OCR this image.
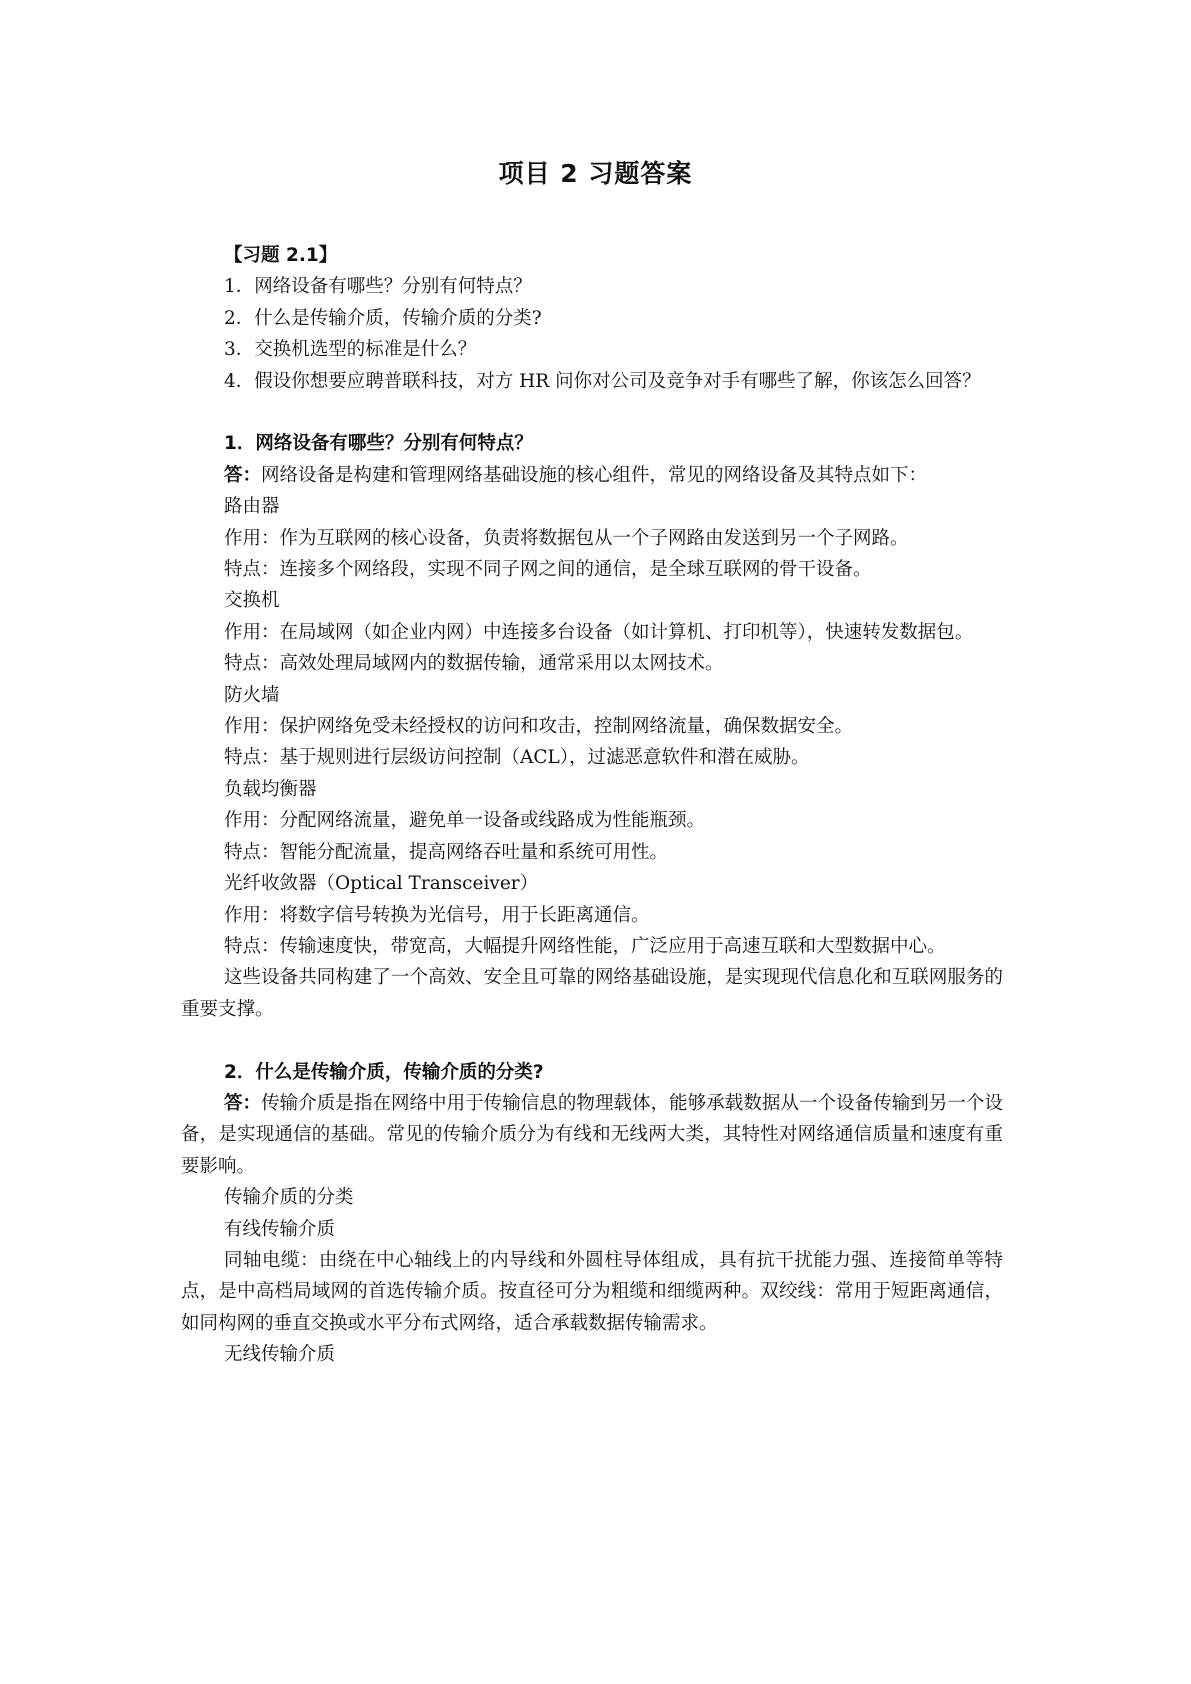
项目 2 习题答案

【习题 2.1】

1．网络设备有哪些？分别有何特点？

2．什么是传输介质，传输介质的分类?

3．交换机选型的标准是什么？

4．假设你想要应聘普联科技，对方 HR 问你对公司及竞争对手有哪些了解，你该怎么回答？

1．网络设备有哪些？分别有何特点？

答：网络设备是构建和管理网络基础设施的核心组件，常见的网络设备及其特点如下：

路由器

作用：作为互联网的核心设备，负责将数据包从一个子网路由发送到另一个子网路。

特点：连接多个网络段，实现不同子网之间的通信，是全球互联网的骨干设备。

交换机

作用：在局域网（如企业内网）中连接多台设备（如计算机、打印机等），快速转发数据包。

特点：高效处理局域网内的数据传输，通常采用以太网技术。

防火墙

作用：保护网络免受未经授权的访问和攻击，控制网络流量，确保数据安全。

特点：基于规则进行层级访问控制（ACL），过滤恶意软件和潜在威胁。

负载均衡器

作用：分配网络流量，避免单一设备或线路成为性能瓶颈。

特点：智能分配流量，提高网络吞吐量和系统可用性。

光纤收敛器（Optical Transceiver）

作用：将数字信号转换为光信号，用于长距离通信。

特点：传输速度快，带宽高，大幅提升网络性能，广泛应用于高速互联和大型数据中心。

这些设备共同构建了一个高效、安全且可靠的网络基础设施，是实现现代信息化和互联网服务的重要支撑。

2．什么是传输介质，传输介质的分类?

答：传输介质是指在网络中用于传输信息的物理载体，能够承载数据从一个设备传输到另一个设备，是实现通信的基础。常见的传输介质分为有线和无线两大类，其特性对网络通信质量和速度有重要影响。

传输介质的分类

有线传输介质

同轴电缆：由绕在中心轴线上的内导线和外圆柱导体组成，具有抗干扰能力强、连接简单等特点，是中高档局域网的首选传输介质。按直径可分为粗缆和细缆两种。双绞线：常用于短距离通信，如同构网的垂直交换或水平分布式网络，适合承载数据传输需求。

无线传输介质
